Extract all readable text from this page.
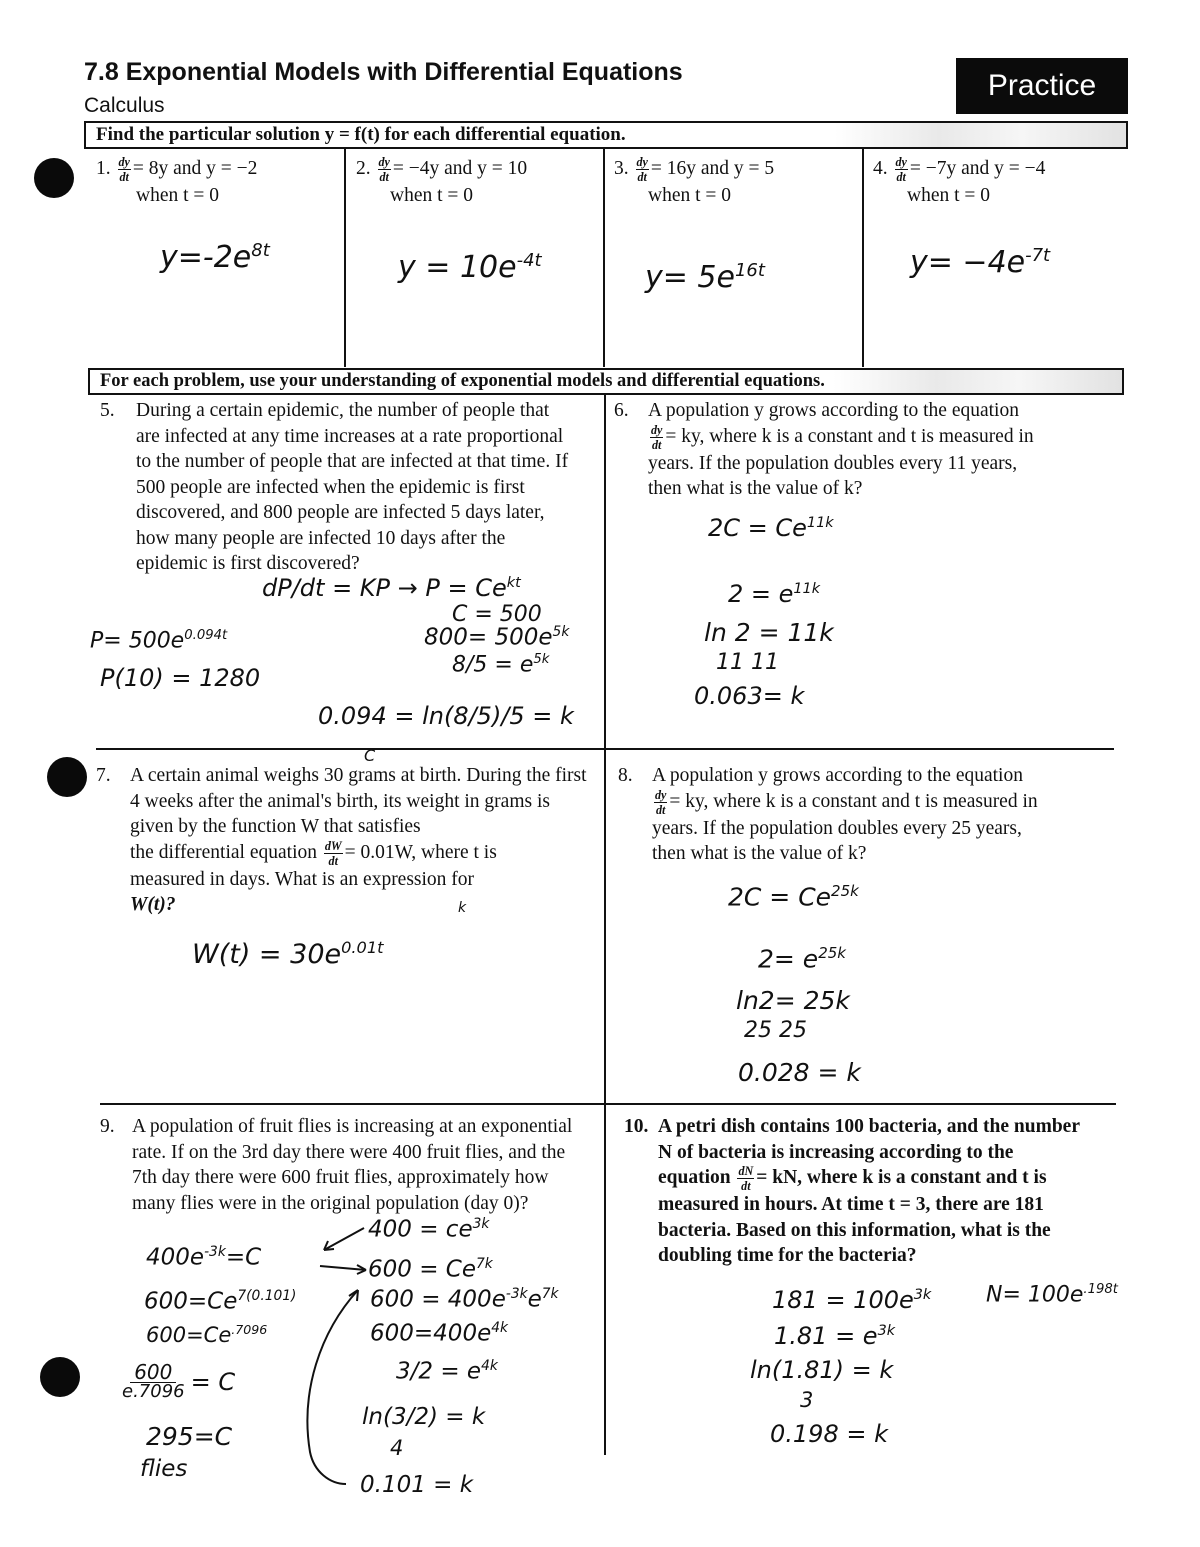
7.8 Exponential Models with Differential Equations
Calculus
Practice
Find the particular solution y = f(t) for each differential equation.
1. $\frac{dy}{dt} = 8y$ and y = −2
when t = 0
$y=-2e^{8t}$
2. $\frac{dy}{dt} = -4y$ and y = 10
when t = 0
$y = 10e^{-4t}$
3. $\frac{dy}{dt} = 16y$ and y = 5
when t = 0
$y= 5e^{16t}$
4. $\frac{dy}{dt} = -7y$ and y = −4
when t = 0
$y= -4e^{-7t}$
For each problem, use your understanding of exponential models and differential equations.
5. During a certain epidemic, the number of people that are infected at any time increases at a rate proportional to the number of people that are infected at that time. If 500 people are infected when the epidemic is first discovered, and 800 people are infected 5 days later, how many people are infected 10 days after the epidemic is first discovered?
dP/dt = KP → $P = Ce^{kt}$
C = 500
$800= 500e^{5k}$
$8/5 = e^{5k}$
0.094 = ln(8/5)/5 = k
$P= 500e^{0.094t}$
P(10) = 1280
6. A population y grows according to the equation
$\frac{dy}{dt}$ = ky, where k is a constant and t is measured in
years. If the population doubles every 11 years,
then what is the value of k?
$2C = Ce^{11k}$
$2 = e^{11k}$
ln 2 = 11k
11 11
0.063= k
7. A certain animal weighs 30 grams at birth. During the first 4 weeks after the animal's birth, its weight in grams is given by the function W that satisfies
the differential equation $\frac{dW}{dt} = 0.01W$, where t is
measured in days. What is an expression for
W(t)?
C
k
$W(t) = 30e^{0.01t}$
8. A population y grows according to the equation
$\frac{dy}{dt}$ = ky, where k is a constant and t is measured in
years. If the population doubles every 25 years,
then what is the value of k?
$2C = Ce^{25k}$
$2= e^{25k}$
ln2= 25k
25 25
0.028 = k
9. A population of fruit flies is increasing at an exponential rate. If on the 3rd day there were 400 fruit flies, and the 7th day there were 600 fruit flies, approximately how many flies were in the original population (day 0)?
$400 = ce^{3k}$
$600 = Ce^{7k}$
$600 = 400e^{-3k}e^{7k}$
$600=400e^{4k}$
$3/2 = e^{4k}$
ln(3/2) = k
4
0.101 = k
$400e^{-3k}=C$
$600=Ce^{7(0.101)}$
$600=Ce^{.7096}$
$\frac{600}{e.7096} = C$
295=C
flies
10. A petri dish contains 100 bacteria, and the number
N of bacteria is increasing according to the
equation $\frac{dN}{dt}$ = kN, where k is a constant and t is
measured in hours. At time t = 3, there are 181
bacteria. Based on this information, what is the
doubling time for the bacteria?
$181 = 100e^{3k}$
$1.81 = e^{3k}$
ln(1.81) = k
3
0.198 = k
$N= 100e^{.198t}$
